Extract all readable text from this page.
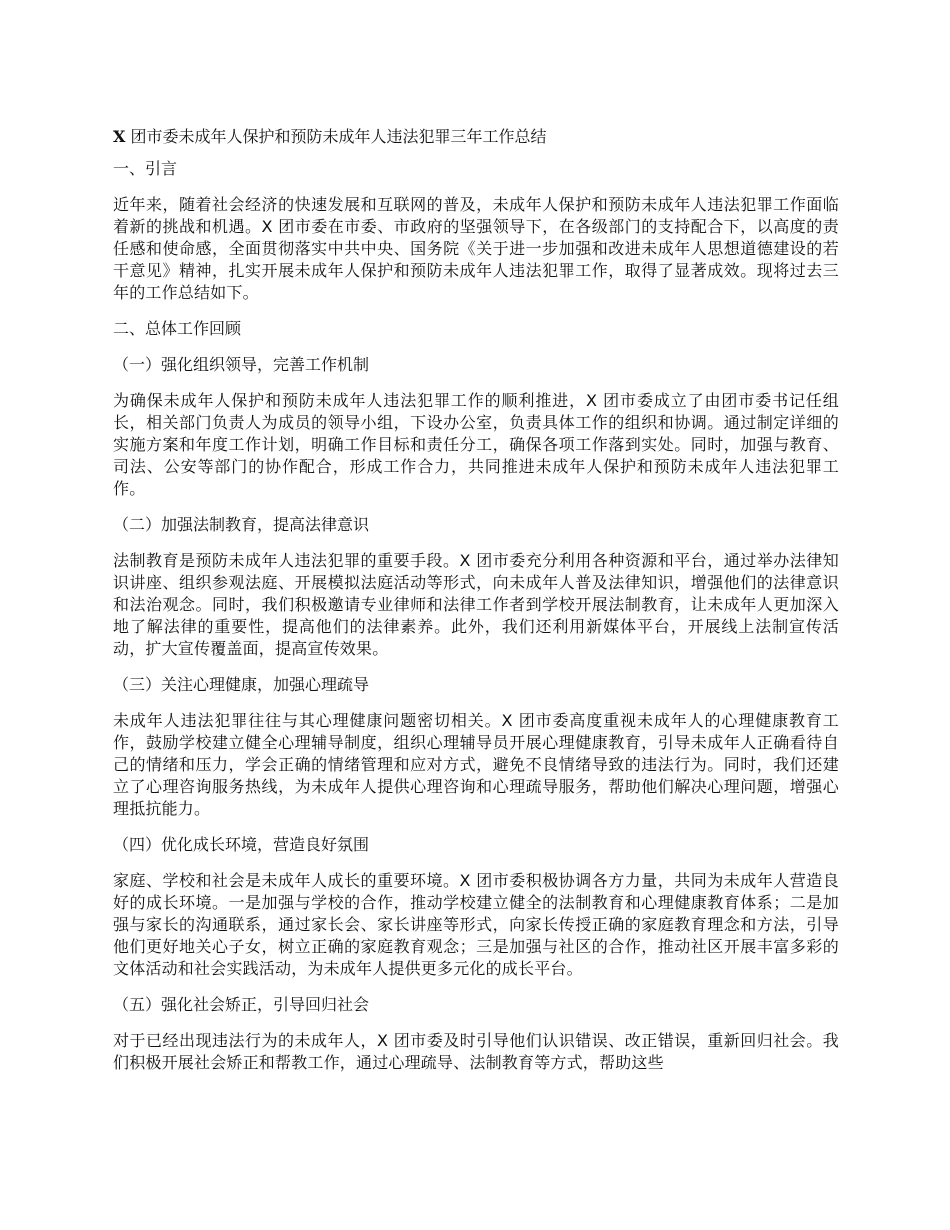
X 团市委未成年人保护和预防未成年人违法犯罪三年工作总结
一、引言

近年来，随着社会经济的快速发展和互联网的普及，未成年人保护和预防未成年人违法犯罪工作面临着新的挑战和机遇。X 团市委在市委、市政府的坚强领导下，在各级部门的支持配合下，以高度的责任感和使命感，全面贯彻落实中共中央、国务院《关于进一步加强和改进未成年人思想道德建设的若干意见》精神，扎实开展未成年人保护和预防未成年人违法犯罪工作，取得了显著成效。现将过去三年的工作总结如下。

二、总体工作回顾
（一）强化组织领导，完善工作机制

为确保未成年人保护和预防未成年人违法犯罪工作的顺利推进，X 团市委成立了由团市委书记任组长，相关部门负责人为成员的领导小组，下设办公室，负责具体工作的组织和协调。通过制定详细的实施方案和年度工作计划，明确工作目标和责任分工，确保各项工作落到实处。同时，加强与教育、司法、公安等部门的协作配合，形成工作合力，共同推进未成年人保护和预防未成年人违法犯罪工作。

（二）加强法制教育，提高法律意识

法制教育是预防未成年人违法犯罪的重要手段。X 团市委充分利用各种资源和平台，通过举办法律知识讲座、组织参观法庭、开展模拟法庭活动等形式，向未成年人普及法律知识，增强他们的法律意识和法治观念。同时，我们积极邀请专业律师和法律工作者到学校开展法制教育，让未成年人更加深入地了解法律的重要性，提高他们的法律素养。此外，我们还利用新媒体平台，开展线上法制宣传活动，扩大宣传覆盖面，提高宣传效果。

（三）关注心理健康，加强心理疏导

未成年人违法犯罪往往与其心理健康问题密切相关。X 团市委高度重视未成年人的心理健康教育工作，鼓励学校建立健全心理辅导制度，组织心理辅导员开展心理健康教育，引导未成年人正确看待自己的情绪和压力，学会正确的情绪管理和应对方式，避免不良情绪导致的违法行为。同时，我们还建立了心理咨询服务热线，为未成年人提供心理咨询和心理疏导服务，帮助他们解决心理问题，增强心理抵抗能力。

（四）优化成长环境，营造良好氛围

家庭、学校和社会是未成年人成长的重要环境。X 团市委积极协调各方力量，共同为未成年人营造良好的成长环境。一是加强与学校的合作，推动学校建立健全的法制教育和心理健康教育体系；二是加强与家长的沟通联系，通过家长会、家长讲座等形式，向家长传授正确的家庭教育理念和方法，引导他们更好地关心子女，树立正确的家庭教育观念；三是加强与社区的合作，推动社区开展丰富多彩的文体活动和社会实践活动，为未成年人提供更多元化的成长平台。

（五）强化社会矫正，引导回归社会

对于已经出现违法行为的未成年人，X 团市委及时引导他们认识错误、改正错误，重新回归社会。我们积极开展社会矫正和帮教工作，通过心理疏导、法制教育等方式，帮助这些
